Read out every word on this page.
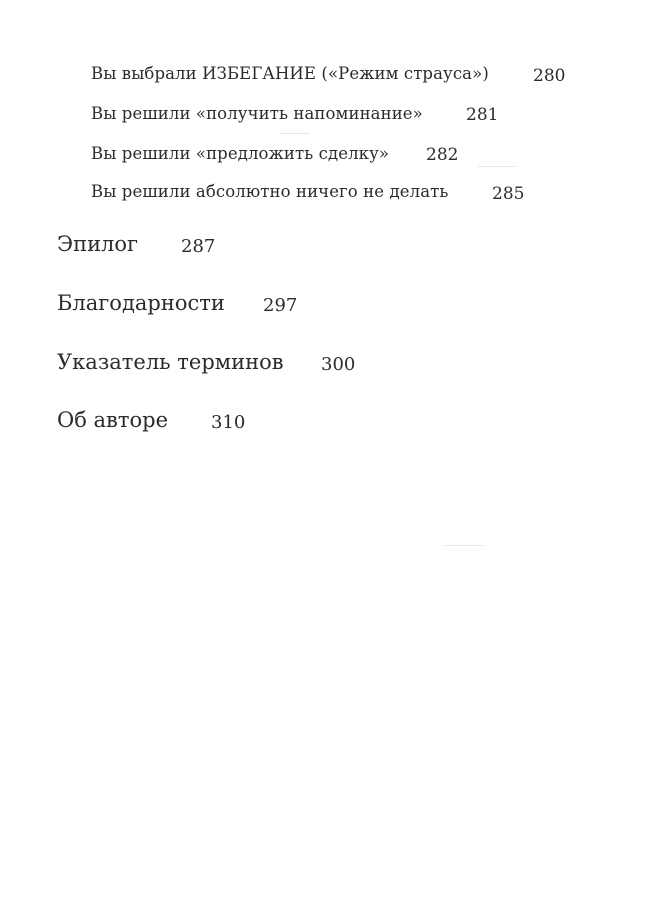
Вы выбрали ИЗБЕГАНИЕ («Режим страуса»)	280
Вы решили «получить напоминание»	281
Вы решили «предложить сделку» 282
Вы решили абсолютно ничего не делать	285
Эпилог 287
Благодарности 297
Указатель терминов 300
Об авторе 310
